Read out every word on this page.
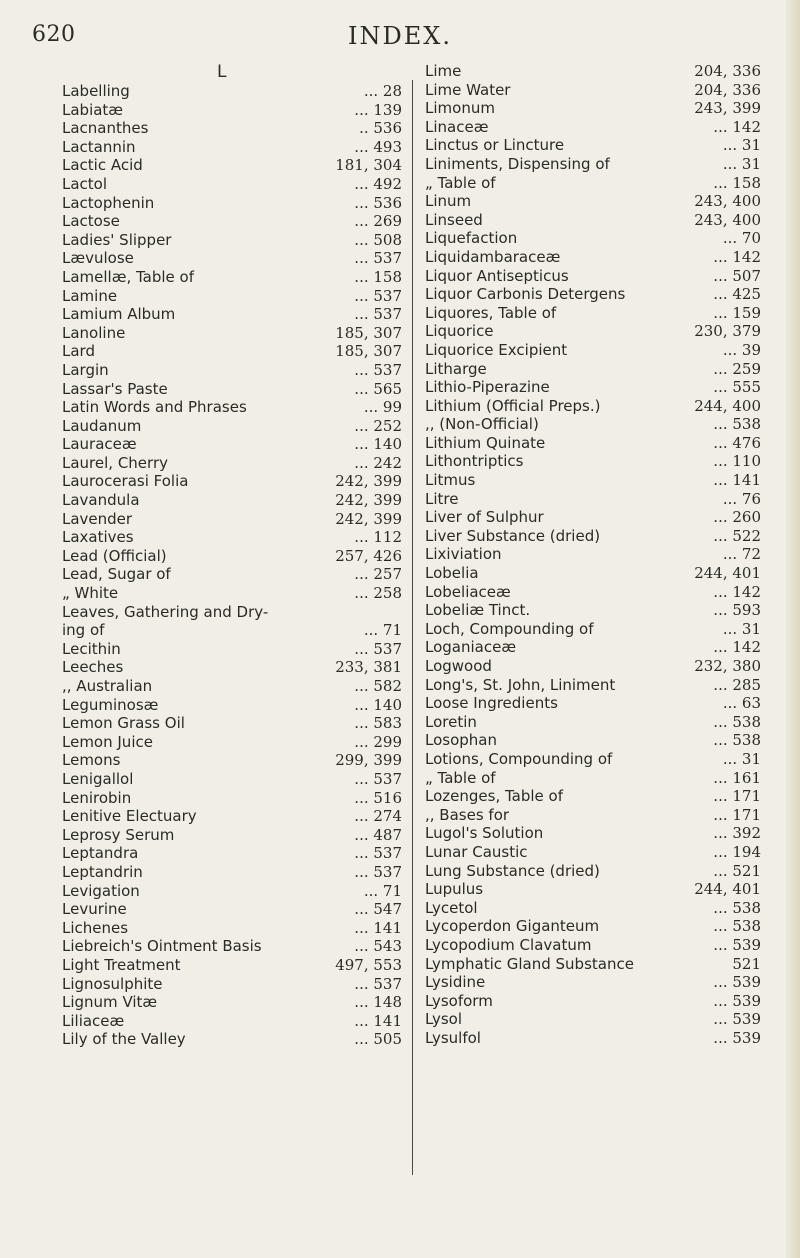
620	INDEX.
L
Labelling	... 28
Labiatæ	... 139
Lacnanthes	.. 536
Lactannin	... 493
Lactic Acid	181, 304
Lactol	... 492
Lactophenin	... 536
Lactose	... 269
Ladies' Slipper	... 508
Lævulose	... 537
Lamellæ, Table of	... 158
Lamine	... 537
Lamium Album	... 537
Lanoline	185, 307
Lard	185, 307
Largin	... 537
Lassar's Paste	... 565
Latin Words and Phrases	... 99
Laudanum	... 252
Lauraceæ	... 140
Laurel, Cherry	... 242
Laurocerasi Folia	242, 399
Lavandula	242, 399
Lavender	242, 399
Laxatives	... 112
Lead (Official)	257, 426
Lead, Sugar of	... 257
„ White	... 258
Leaves, Gathering and Dry-
ing of	... 71
Lecithin	... 537
Leeches	233, 381
,, Australian	... 582
Leguminosæ	... 140
Lemon Grass Oil	... 583
Lemon Juice	... 299
Lemons	299, 399
Lenigallol	... 537
Lenirobin	... 516
Lenitive Electuary	... 274
Leprosy Serum	... 487
Leptandra	... 537
Leptandrin	... 537
Levigation	... 71
Levurine	... 547
Lichenes	... 141
Liebreich's Ointment Basis	... 543
Light Treatment	497, 553
Lignosulphite	... 537
Lignum Vitæ	... 148
Liliaceæ	... 141
Lily of the Valley	... 505
Lime	204, 336
Lime Water	204, 336
Limonum	243, 399
Linaceæ	... 142
Linctus or Lincture	... 31
Liniments, Dispensing of	... 31
„ Table of	... 158
Linum	243, 400
Linseed	243, 400
Liquefaction	... 70
Liquidambaraceæ	... 142
Liquor Antisepticus	... 507
Liquor Carbonis Detergens	... 425
Liquores, Table of	... 159
Liquorice	230, 379
Liquorice Excipient	... 39
Litharge	... 259
Lithio-Piperazine	... 555
Lithium (Official Preps.)	244, 400
,, (Non-Official)	... 538
Lithium Quinate	... 476
Lithontriptics	... 110
Litmus	... 141
Litre	... 76
Liver of Sulphur	... 260
Liver Substance (dried)	... 522
Lixiviation	... 72
Lobelia	244, 401
Lobeliaceæ	... 142
Lobeliæ Tinct.	... 593
Loch, Compounding of	... 31
Loganiaceæ	... 142
Logwood	232, 380
Long's, St. John, Liniment	... 285
Loose Ingredients	... 63
Loretin	... 538
Losophan	... 538
Lotions, Compounding of	... 31
„ Table of	... 161
Lozenges, Table of	... 171
,, Bases for	... 171
Lugol's Solution	... 392
Lunar Caustic	... 194
Lung Substance (dried)	... 521
Lupulus	244, 401
Lycetol	... 538
Lycoperdon Giganteum	... 538
Lycopodium Clavatum	... 539
Lymphatic Gland Substance	521
Lysidine	... 539
Lysoform	... 539
Lysol	... 539
Lysulfol	... 539
